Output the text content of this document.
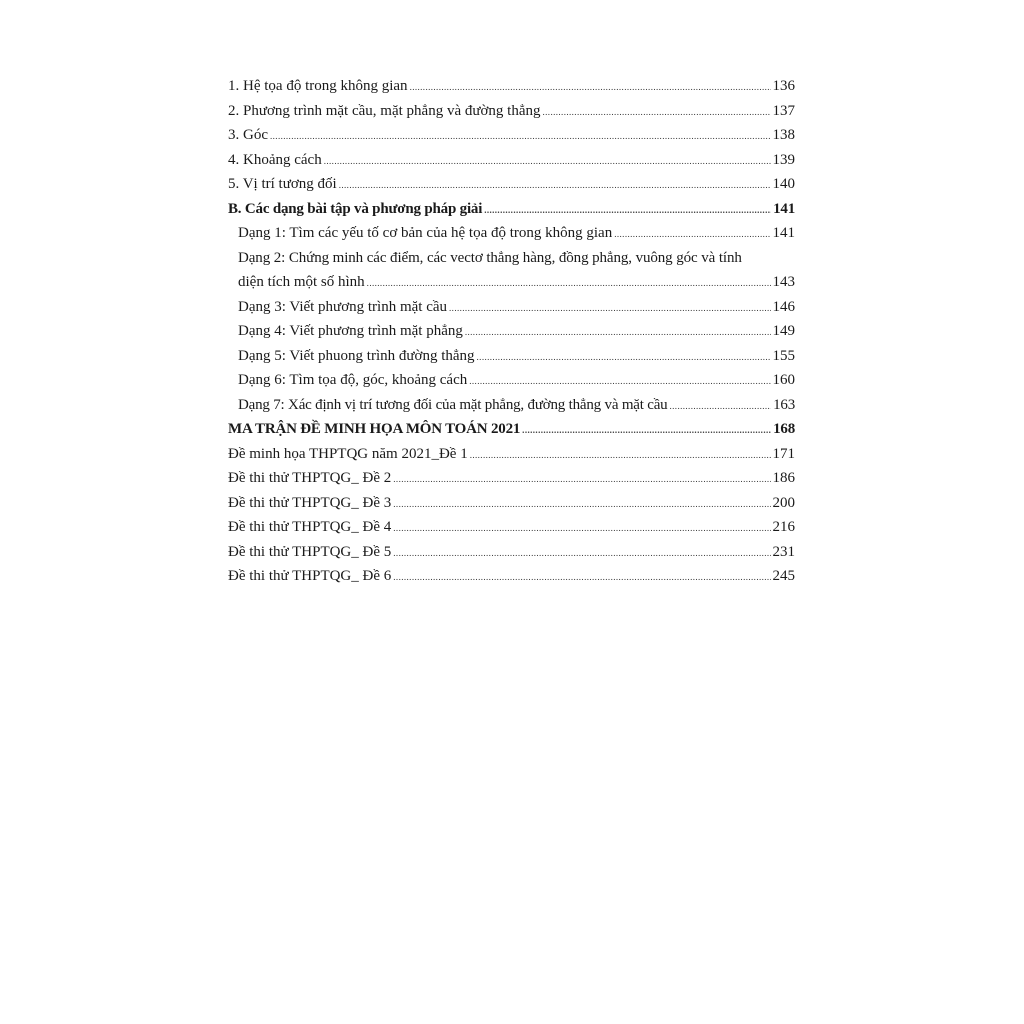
1. Hệ tọa độ trong không gian .....	136
2. Phương trình mặt cầu, mặt phẳng và đường thẳng .....	137
3. Góc .....	138
4. Khoảng cách .....	139
5. Vị trí tương đối .....	140
B. Các dạng bài tập và phương pháp giải .....	141
Dạng 1: Tìm các yếu tố cơ bản của hệ tọa độ trong không gian .....	141
Dạng 2: Chứng minh các điểm, các vectơ thẳng hàng, đồng phẳng, vuông góc và tính
diện tích một số hình .....	143
Dạng 3: Viết phương trình mặt cầu .....	146
Dạng 4: Viết phương trình mặt phẳng .....	149
Dạng 5: Viết phuong trình đường thẳng .....	155
Dạng 6: Tìm tọa độ, góc, khoảng cách .....	160
Dạng 7: Xác định vị trí tương đối của mặt phẳng, đường thẳng và mặt cầu .....	163
MA TRẬN ĐỀ MINH HỌA MÔN TOÁN 2021 .....	168
Đề minh họa THPTQG năm 2021_Đề 1 .....	171
Đề thi thử THPTQG_ Đề 2 .....	186
Đề thi thử THPTQG_ Đề 3 .....	200
Đề thi thử THPTQG_ Đề 4 .....	216
Đề thi thử THPTQG_ Đề 5 .....	231
Đề thi thử THPTQG_ Đề 6 .....	245
